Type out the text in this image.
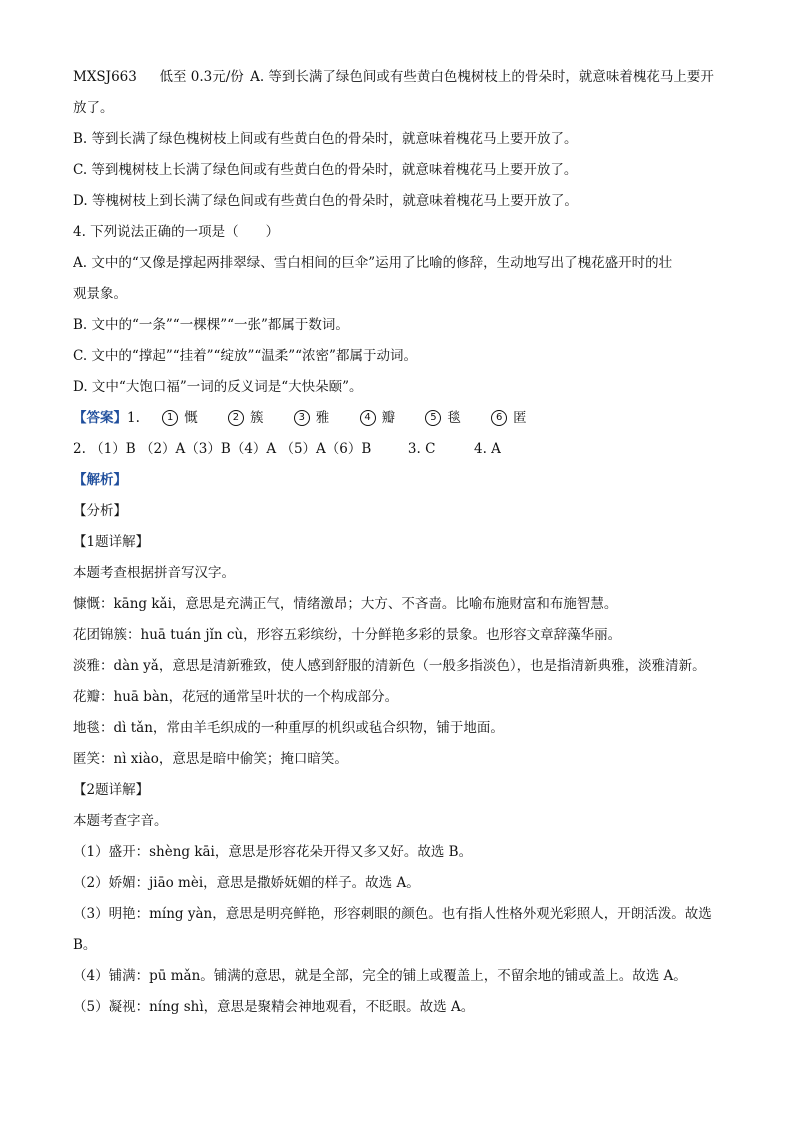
MXSJ663 低至 0.3元/份 A. 等到长满了绿色间或有些黄白色槐树枝上的骨朵时，就意味着槐花马上要开
放了。
B. 等到长满了绿色槐树枝上间或有些黄白色的骨朵时，就意味着槐花马上要开放了。
C. 等到槐树枝上长满了绿色间或有些黄白色的骨朵时，就意味着槐花马上要开放了。
D. 等槐树枝上到长满了绿色间或有些黄白色的骨朵时，就意味着槐花马上要开放了。
4. 下列说法正确的一项是（　　）
A. 文中的“又像是撑起两排翠绿、雪白相间的巨伞”运用了比喻的修辞，生动地写出了槐花盛开时的壮
观景象。
B. 文中的“一条”“一棵棵”“一张”都属于数词。
C. 文中的“撑起”“挂着”“绽放”“温柔”“浓密”都属于动词。
D. 文中“大饱口福”一词的反义词是“大快朵颐”。
【答案】1.	1 慨	2 簇	3 雅	4 瓣	5 毯	6 匿
2. （1）B （2）A（3）B（4）A （5）A（6）B	3. C	4. A
【解析】
【分析】
【1题详解】
本题考查根据拼音写汉字。
慷慨：kāng kǎi，意思是充满正气，情绪激昂；大方、不吝啬。比喻布施财富和布施智慧。
花团锦簇：huā tuán jǐn cù，形容五彩缤纷，十分鲜艳多彩的景象。也形容文章辞藻华丽。
淡雅：dàn yǎ，意思是清新雅致，使人感到舒服的清新色（一般多指淡色），也是指清新典雅，淡雅清新。
花瓣：huā bàn，花冠的通常呈叶状的一个构成部分。
地毯：dì tǎn，常由羊毛织成的一种重厚的机织或毡合织物，铺于地面。
匿笑：nì xiào，意思是暗中偷笑；掩口暗笑。
【2题详解】
本题考查字音。
（1）盛开：shèng kāi，意思是形容花朵开得又多又好。故选 B。
（2）娇媚：jiāo mèi，意思是撒娇妩媚的样子。故选 A。
（3）明艳：míng yàn，意思是明亮鲜艳，形容刺眼的颜色。也有指人性格外观光彩照人，开朗活泼。故选
B。
（4）铺满：pū mǎn。铺满的意思，就是全部，完全的铺上或覆盖上，不留余地的铺或盖上。故选 A。
（5）凝视：níng shì，意思是聚精会神地观看，不眨眼。故选 A。
